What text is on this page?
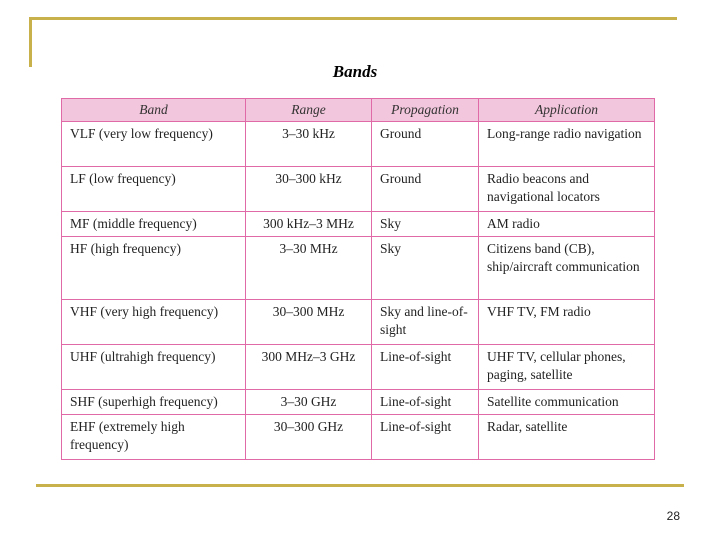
Bands
Band	Range	Propagation	Application
VLF (very low frequency)	3–30 kHz	Ground	Long-range radio navigation
LF (low frequency)	30–300 kHz	Ground	Radio beacons and navigational locators
MF (middle frequency)	300 kHz–3 MHz	Sky	AM radio
HF (high frequency)	3–30 MHz	Sky	Citizens band (CB), ship/aircraft communication
VHF (very high frequency)	30–300 MHz	Sky and line-of-sight	VHF TV, FM radio
UHF (ultrahigh frequency)	300 MHz–3 GHz	Line-of-sight	UHF TV, cellular phones, paging, satellite
SHF (superhigh frequency)	3–30 GHz	Line-of-sight	Satellite communication
EHF (extremely high frequency)	30–300 GHz	Line-of-sight	Radar, satellite
28
